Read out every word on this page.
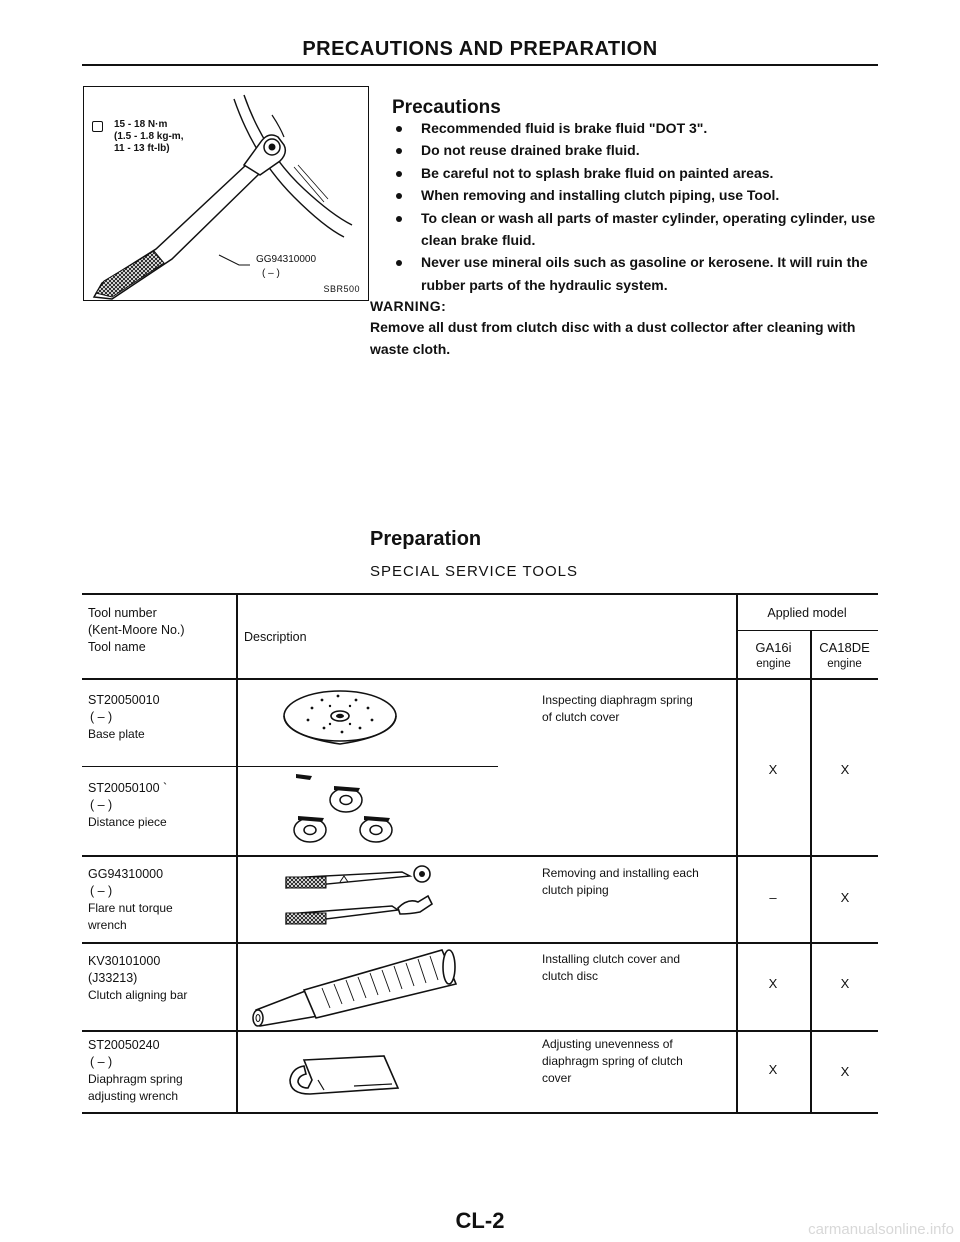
PRECAUTIONS AND PREPARATION
15 - 18 N·m
(1.5 - 1.8 kg-m,
11 - 13 ft-lb)
GG94310000
( – )
SBR500
Precautions
Recommended fluid is brake fluid "DOT 3".
Do not reuse drained brake fluid.
Be careful not to splash brake fluid on painted areas.
When removing and installing clutch piping, use Tool.
To clean or wash all parts of master cylinder, operating cylinder, use clean brake fluid.
Never use mineral oils such as gasoline or kerosene. It will ruin the rubber parts of the hydraulic system.
WARNING:
Remove all dust from clutch disc with a dust collector after cleaning with waste cloth.
Preparation
SPECIAL SERVICE TOOLS
Tool number
(Kent-Moore No.)
Tool name
Description
Applied model
GA16i
engine
CA18DE
engine
ST20050010
( – )
Base plate
Inspecting diaphragm spring
of clutch cover
X	X
ST20050100 `
( – )
Distance piece
GG94310000
( – )
Flare nut torque
wrench
Removing and installing each
clutch piping	–	X
KV30101000
(J33213)
Clutch aligning bar
Installing clutch cover and
clutch disc	X	X
ST20050240
( – )
Diaphragm spring
adjusting wrench
Adjusting unevenness of
diaphragm spring of clutch
cover
X	X
CL-2	carmanualsonline.info
